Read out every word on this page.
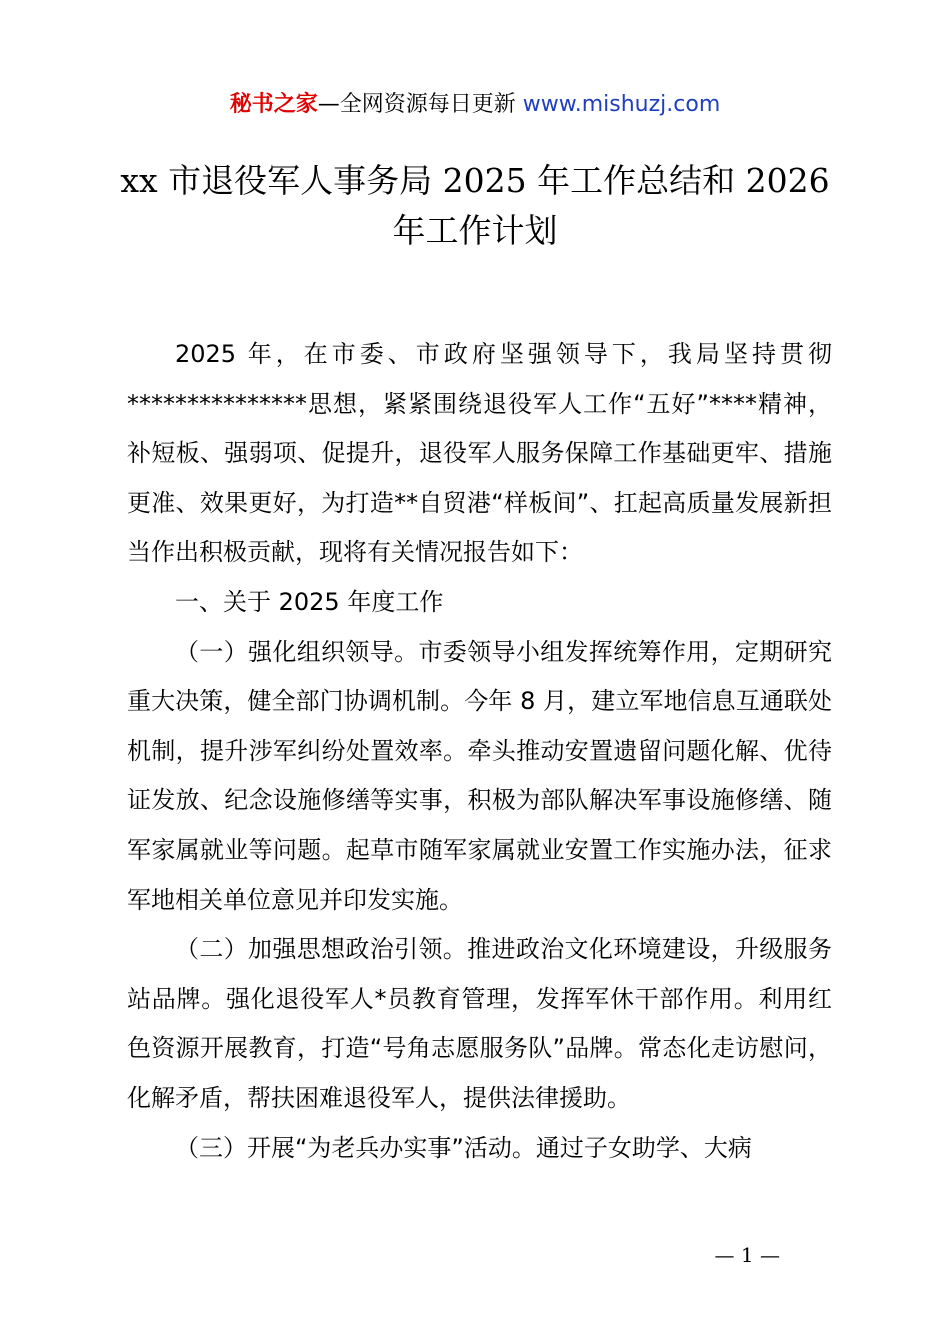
秘书之家—全网资源每日更新 www.mishuzj.com
xx 市退役军人事务局 2025 年工作总结和 2026 年工作计划

2025 年，在市委、市政府坚强领导下，我局坚持贯彻***************思想，紧紧围绕退役军人工作“五好”****精神，补短板、强弱项、促提升，退役军人服务保障工作基础更牢、措施更准、效果更好，为打造**自贸港“样板间”、扛起高质量发展新担当作出积极贡献，现将有关情况报告如下：

一、关于 2025 年度工作

（一）强化组织领导。市委领导小组发挥统筹作用，定期研究重大决策，健全部门协调机制。今年 8 月，建立军地信息互通联处机制，提升涉军纠纷处置效率。牵头推动安置遗留问题化解、优待证发放、纪念设施修缮等实事，积极为部队解决军事设施修缮、随军家属就业等问题。起草市随军家属就业安置工作实施办法，征求军地相关单位意见并印发实施。

（二）加强思想政治引领。推进政治文化环境建设，升级服务站品牌。强化退役军人*员教育管理，发挥军休干部作用。利用红色资源开展教育，打造“号角志愿服务队”品牌。常态化走访慰问，化解矛盾，帮扶困难退役军人，提供法律援助。

（三）开展“为老兵办实事”活动。通过子女助学、大病

— 1 —
